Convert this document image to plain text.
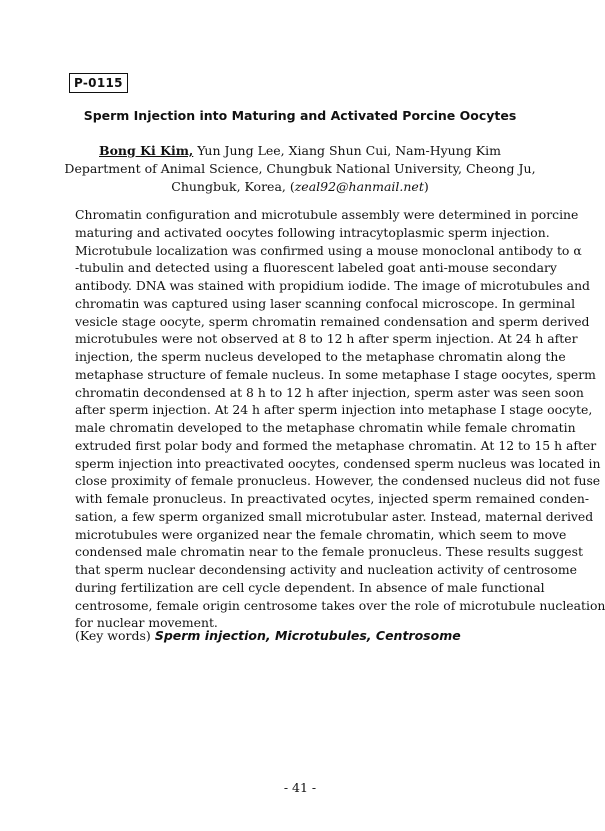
P-0115
Sperm Injection into Maturing and Activated Porcine Oocytes
Bong Ki Kim, Yun Jung Lee, Xiang Shun Cui, Nam-Hyung Kim
Department of Animal Science, Chungbuk National University, Cheong Ju,
Chungbuk, Korea, (zeal92@hanmail.net)
Chromatin configuration and microtubule assembly were determined in porcine
maturing and activated oocytes following intracytoplasmic sperm injection.
Microtubule localization was confirmed using a mouse monoclonal antibody to α
-tubulin and detected using a fluorescent labeled goat anti-mouse secondary
antibody. DNA was stained with propidium iodide. The image of microtubules and
chromatin was captured using laser scanning confocal microscope. In germinal
vesicle stage oocyte, sperm chromatin remained condensation and sperm derived
microtubules were not observed at 8 to 12 h after sperm injection. At 24 h after
injection, the sperm nucleus developed to the metaphase chromatin along the
metaphase structure of female nucleus. In some metaphase I stage oocytes, sperm
chromatin decondensed at 8 h to 12 h after injection, sperm aster was seen soon
after sperm injection. At 24 h after sperm injection into metaphase I stage oocyte,
male chromatin developed to the metaphase chromatin while female chromatin
extruded first polar body and formed the metaphase chromatin. At 12 to 15 h after
sperm injection into preactivated oocytes, condensed sperm nucleus was located in
close proximity of female pronucleus. However, the condensed nucleus did not fuse
with female pronucleus. In preactivated ocytes, injected sperm remained conden-
sation, a few sperm organized small microtubular aster. Instead, maternal derived
microtubules were organized near the female chromatin, which seem to move
condensed male chromatin near to the female pronucleus. These results suggest
that sperm nuclear decondensing activity and nucleation activity of centrosome
during fertilization are cell cycle dependent. In absence of male functional
centrosome, female origin centrosome takes over the role of microtubule nucleation
for nuclear movement.
(Key words) Sperm injection, Microtubules, Centrosome
- 41 -
